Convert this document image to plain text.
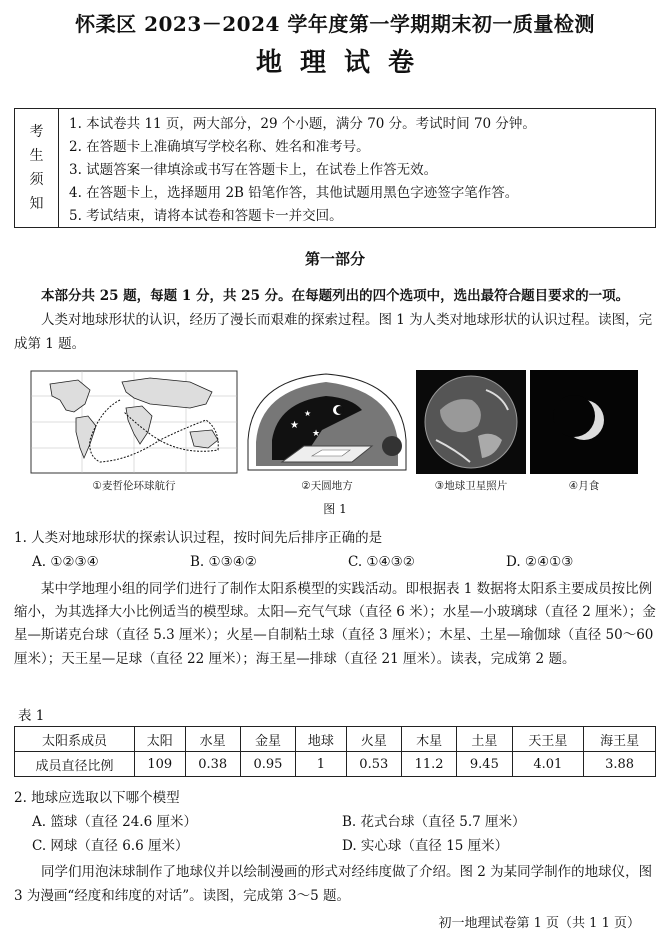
怀柔区 2023－2024 学年度第一学期期末初一质量检测
地理试卷
考
生
须
知
1. 本试卷共 11 页，两大部分，29 个小题，满分 70 分。考试时间 70 分钟。
2. 在答题卡上准确填写学校名称、姓名和准考号。
3. 试题答案一律填涂或书写在答题卡上，在试卷上作答无效。
4. 在答题卡上，选择题用 2B 铅笔作答，其他试题用黑色字迹签字笔作答。
5. 考试结束，请将本试卷和答题卡一并交回。
第一部分
本部分共 25 题，每题 1 分，共 25 分。在每题列出的四个选项中，选出最符合题目要求的一项。
人类对地球形状的认识，经历了漫长而艰难的探索过程。图 1 为人类对地球形状的认识过程。读图，完成第 1 题。
①麦哲伦环球航行
★
★
★
②天圆地方	③地球卫星照片	④月食
图 1
1. 人类对地球形状的探索认识过程，按时间先后排序正确的是
A. ①②③④	B. ①③④②	C. ①④③②	D. ②④①③
某中学地理小组的同学们进行了制作太阳系模型的实践活动。即根据表 1 数据将太阳系主要成员按比例缩小，为其选择大小比例适当的模型球。太阳—充气气球（直径 6 米）；水星—小玻璃球（直径 2 厘米）；金星—斯诺克台球（直径 5.3 厘米）；火星—自制粘土球（直径 3 厘米）；木星、土星—瑜伽球（直径 50～60 厘米）；天王星—足球（直径 22 厘米）；海王星—排球（直径 21 厘米）。读表，完成第 2 题。
表 1
太阳系成员	太阳	水星	金星	地球	火星	木星	土星	天王星	海王星
成员直径比例	109	0.38	0.95	1	0.53	11.2	9.45	4.01	3.88
2. 地球应选取以下哪个模型
A. 篮球（直径 24.6 厘米）	B. 花式台球（直径 5.7 厘米）
C. 网球（直径 6.6 厘米）	D. 实心球（直径 15 厘米）
同学们用泡沫球制作了地球仪并以绘制漫画的形式对经纬度做了介绍。图 2 为某同学制作的地球仪，图 3 为漫画“经度和纬度的对话”。读图，完成第 3～5 题。
初一地理试卷第 1 页（共 1 1 页）
